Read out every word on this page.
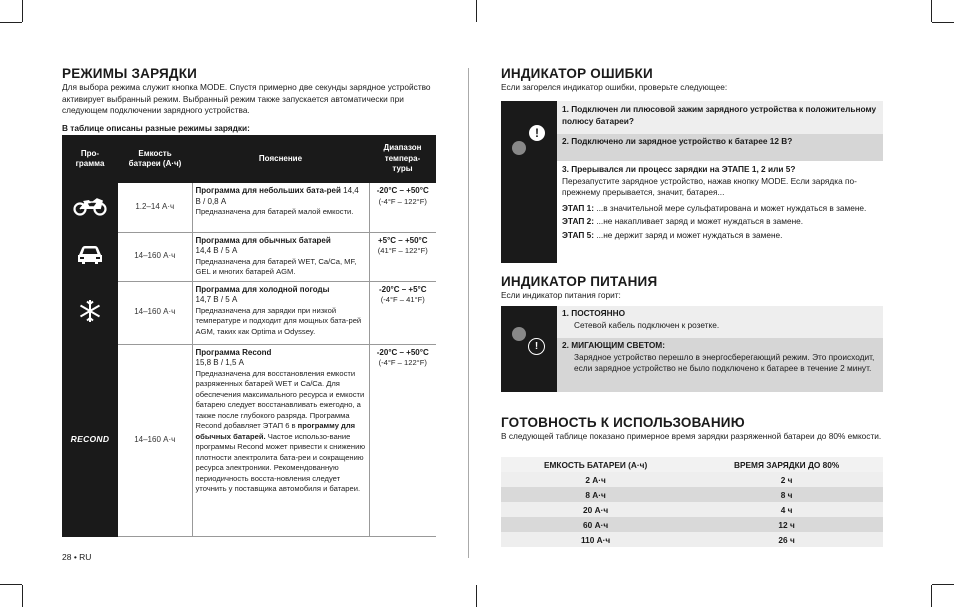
РЕЖИМЫ ЗАРЯДКИ
Для выбора режима служит кнопка MODE. Спустя примерно две секунды зарядное устройство активирует выбранный режим. Выбранный режим также запускается автоматически при следующем подключении зарядного устройства.
В таблице описаны разные режимы зарядки:
Про-
грамма	Емкость батареи (А·ч)	Пояснение	Диапазон темпера-туры
	1.2–14 А·ч	Программа для небольших бата-рей 14,4 В / 0,8 А
Предназначена для батарей малой емкости.	-20°C – +50°C
(-4°F – 122°F)
	14–160 А·ч	Программа для обычных батарей
14,4 В / 5 А
Предназначена для батарей WET, Ca/Ca, MF, GEL и многих батарей AGM.	+5°C – +50°C
(41°F – 122°F)
	14–160 А·ч	Программа для холодной погоды
14,7 В / 5 А
Предназначена для зарядки при низкой температуре и подходит для мощных бата-рей AGM, таких как Optima и Odyssey.	-20°C – +5°C
(-4°F – 41°F)
RECOND	14–160 А·ч	Программа Recond
15,8 В / 1,5 А
Предназначена для восстановления емкости разряженных батарей WET и Ca/Ca. Для обеспечения максимального ресурса и емкости батарею следует восстанавливать ежегодно, а также после глубокого разряда. Программа Recond добавляет ЭТАП 6 в программу для обычных батарей. Частое использо-вание программы Recond может привести к снижению плотности электролита бата-реи и сокращению ресурса электроники. Рекомендованную периодичность восста-новления следует уточнить у поставщика автомобиля и батареи.	-20°C – +50°C
(-4°F – 122°F)
28 • RU
ИНДИКАТОР ОШИБКИ
Если загорелся индикатор ошибки, проверьте следующее:
!
1. Подключен ли плюсовой зажим зарядного устройства к положительному полюсу батареи?
2. Подключено ли зарядное устройство к батарее 12 В?
3. Прерывался ли процесс зарядки на ЭТАПЕ 1, 2 или 5?
Перезапустите зарядное устройство, нажав кнопку MODE. Если зарядка по-прежнему прерывается, значит, батарея...
ЭТАП 1: ...в значительной мере сульфатирована и может нуждаться в замене.
ЭТАП 2: ...не накапливает заряд и может нуждаться в замене.
ЭТАП 5: ...не держит заряд и может нуждаться в замене.
ИНДИКАТОР ПИТАНИЯ
Если индикатор питания горит:
!
1. ПОСТОЯННО
Сетевой кабель подключен к розетке.
2. МИГАЮЩИМ СВЕТОМ:
Зарядное устройство перешло в энергосберегающий режим. Это происходит, если зарядное устройство не было подключено к батарее в течение 2 минут.
ГОТОВНОСТЬ К ИСПОЛЬЗОВАНИЮ
В следующей таблице показано примерное время зарядки разряженной батареи до 80% емкости.
ЕМКОСТЬ БАТАРЕИ (А·ч)	ВРЕМЯ ЗАРЯДКИ ДО 80%
2 А·ч	2 ч
8 А·ч	8 ч
20 А·ч	4 ч
60 А·ч	12 ч
110 А·ч	26 ч
